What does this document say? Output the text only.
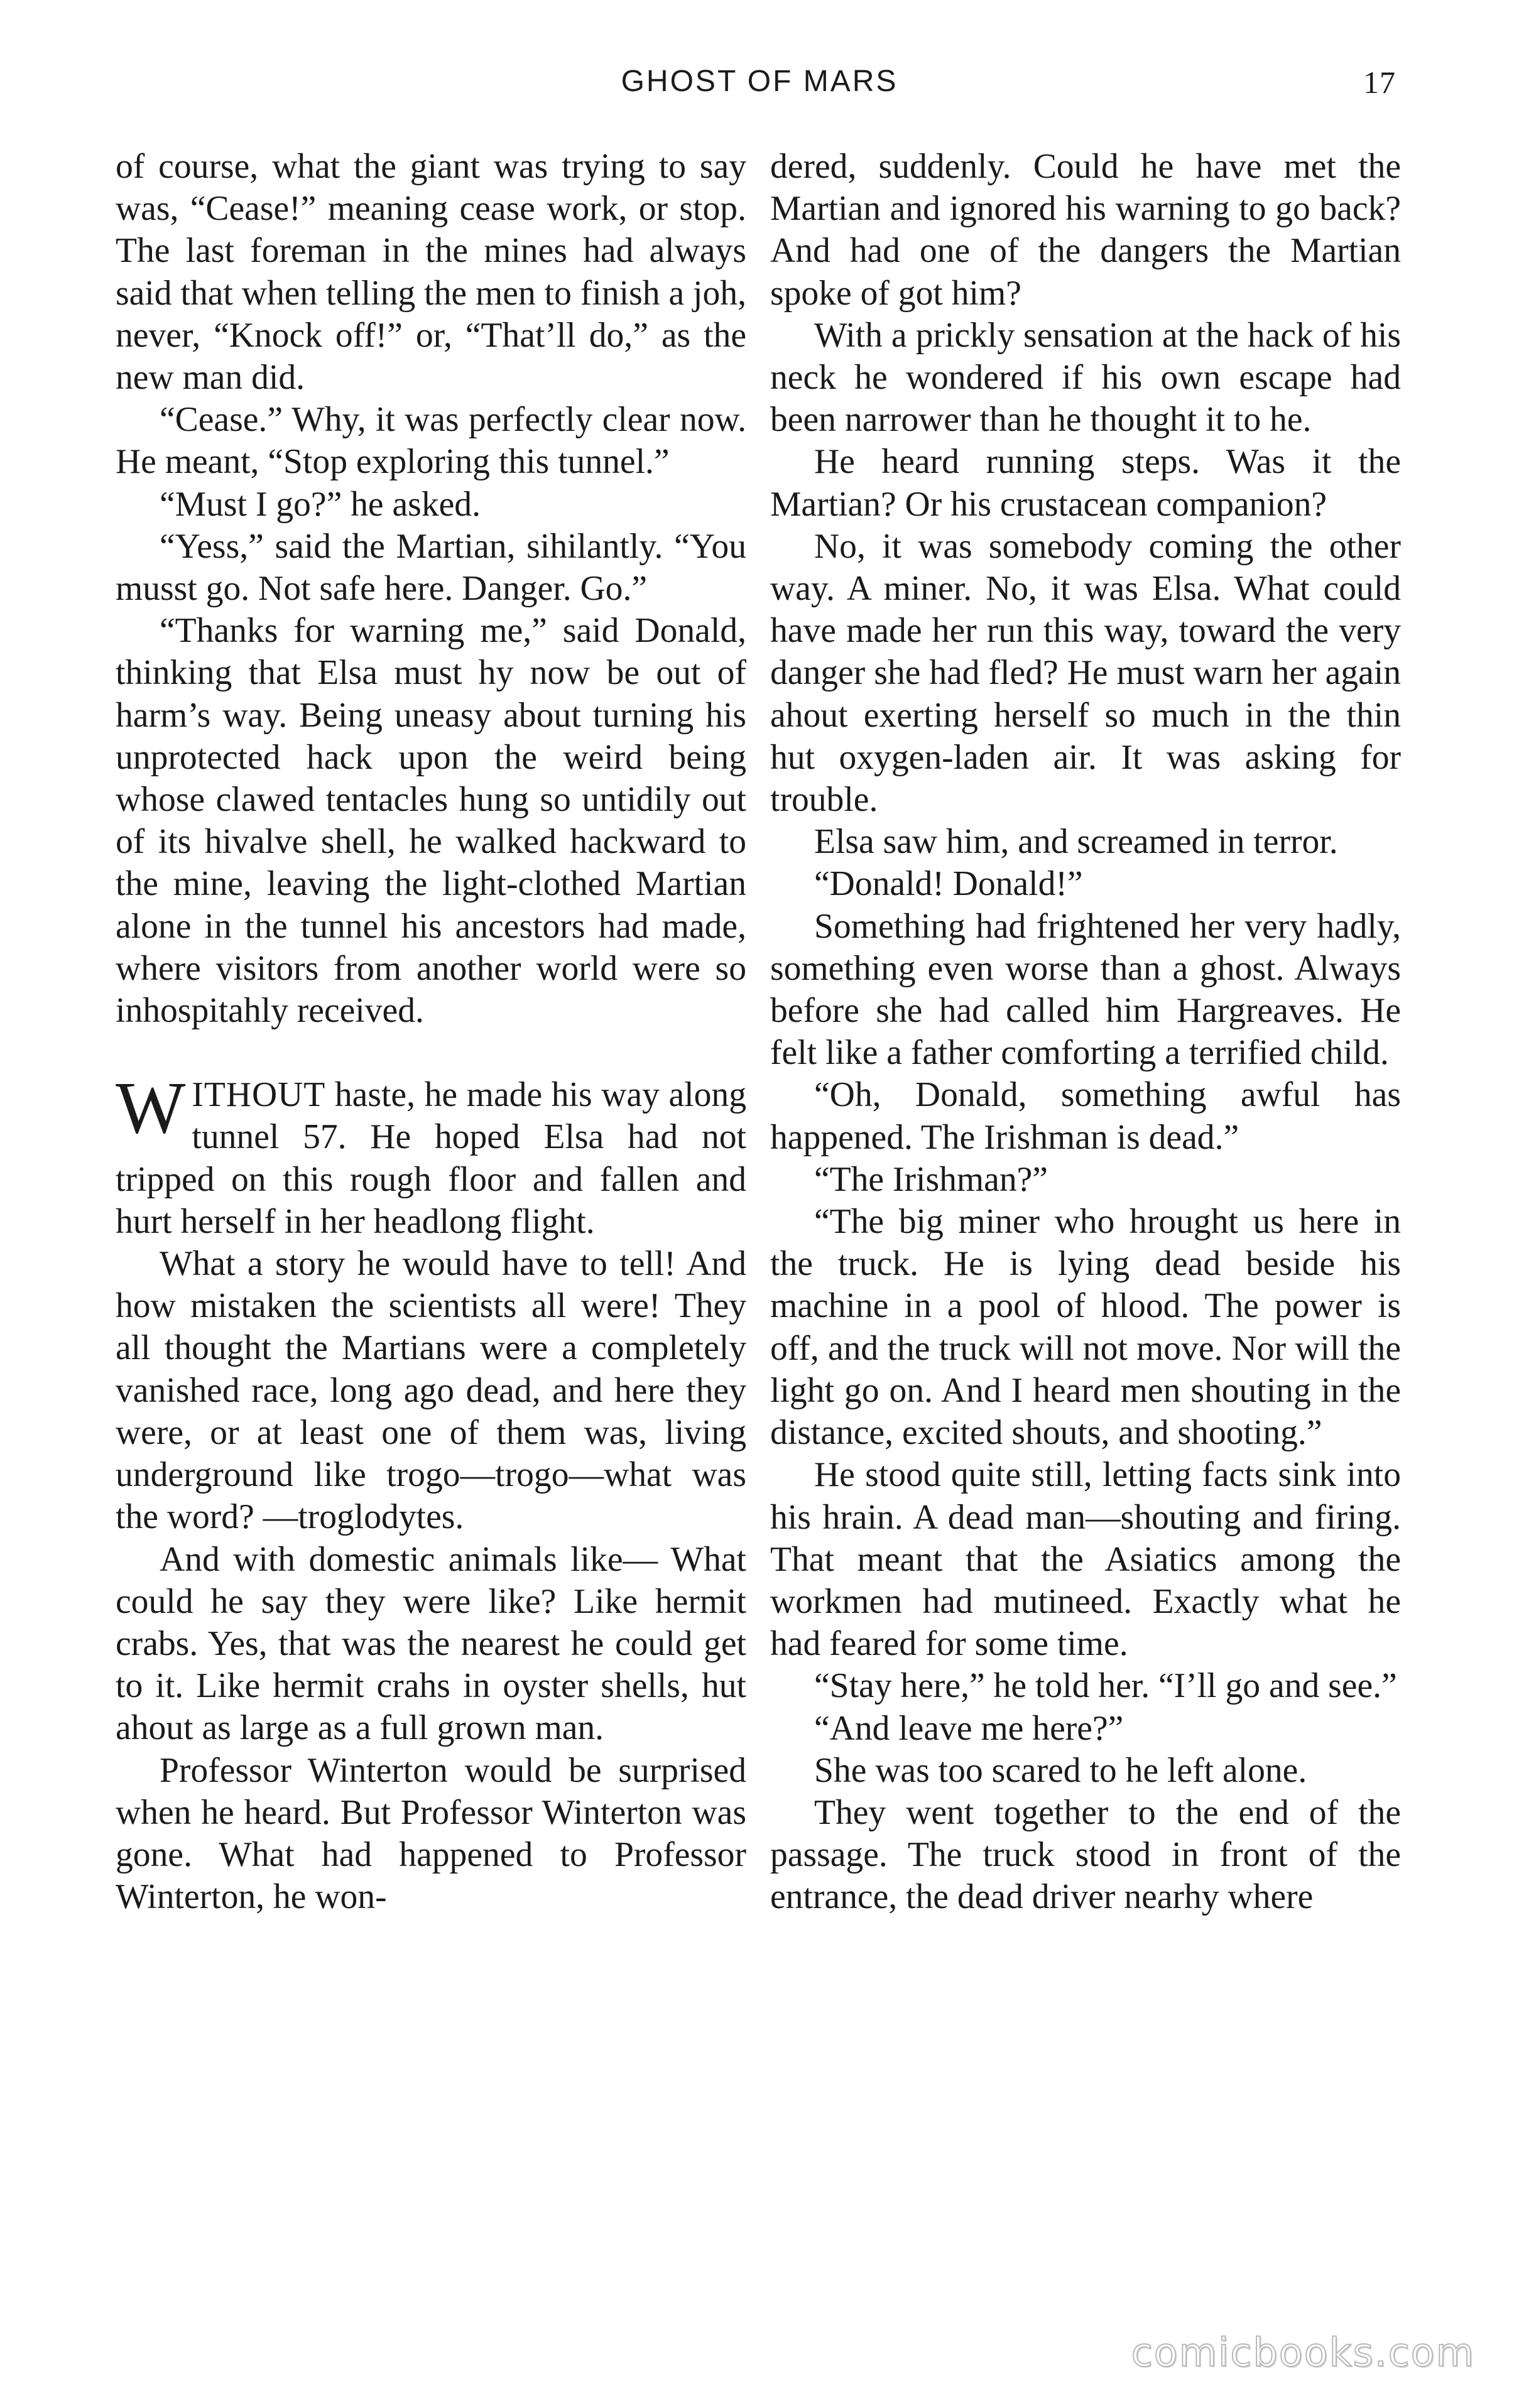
GHOST OF MARS	17

of course, what the giant was trying to say was, “Cease!” meaning cease work, or stop. The last foreman in the mines had always said that when telling the men to finish a joh, never, “Knock off!” or, “That’ll do,” as the new man did.

“Cease.” Why, it was perfectly clear now. He meant, “Stop exploring this tunnel.”

“Must I go?” he asked.

“Yess,” said the Martian, sihilantly. “You musst go. Not safe here. Danger. Go.”

“Thanks for warning me,” said Donald, thinking that Elsa must hy now be out of harm’s way. Being uneasy about turning his unprotected hack upon the weird being whose clawed tentacles hung so untidily out of its hivalve shell, he walked hackward to the mine, leaving the light-clothed Martian alone in the tunnel his ancestors had made, where visitors from another world were so inhospitahly received.

WITHOUT haste, he made his way along tunnel 57. He hoped Elsa had not tripped on this rough floor and fallen and hurt herself in her headlong flight.

What a story he would have to tell! And how mistaken the scientists all were! They all thought the Martians were a completely vanished race, long ago dead, and here they were, or at least one of them was, living underground like trogo—trogo—what was the word? —troglodytes.

And with domestic animals like— What could he say they were like? Like hermit crabs. Yes, that was the nearest he could get to it. Like hermit crahs in oyster shells, hut ahout as large as a full grown man.

Professor Winterton would be surprised when he heard. But Professor Winterton was gone. What had happened to Professor Winterton, he won-

dered, suddenly. Could he have met the Martian and ignored his warning to go back? And had one of the dangers the Martian spoke of got him?

With a prickly sensation at the hack of his neck he wondered if his own escape had been narrower than he thought it to he.

He heard running steps. Was it the Martian? Or his crustacean companion?

No, it was somebody coming the other way. A miner. No, it was Elsa. What could have made her run this way, toward the very danger she had fled? He must warn her again ahout exerting herself so much in the thin hut oxygen-laden air. It was asking for trouble.

Elsa saw him, and screamed in terror.

“Donald! Donald!”

Something had frightened her very hadly, something even worse than a ghost. Always before she had called him Hargreaves. He felt like a father comforting a terrified child.

“Oh, Donald, something awful has happened. The Irishman is dead.”

“The Irishman?”

“The big miner who hrought us here in the truck. He is lying dead beside his machine in a pool of hlood. The power is off, and the truck will not move. Nor will the light go on. And I heard men shouting in the distance, excited shouts, and shooting.”

He stood quite still, letting facts sink into his hrain. A dead man—shouting and firing. That meant that the Asiatics among the workmen had mutineed. Exactly what he had feared for some time.

“Stay here,” he told her. “I’ll go and see.”

“And leave me here?”

She was too scared to he left alone.

They went together to the end of the passage. The truck stood in front of the entrance, the dead driver nearhy where

comicbooks.com
